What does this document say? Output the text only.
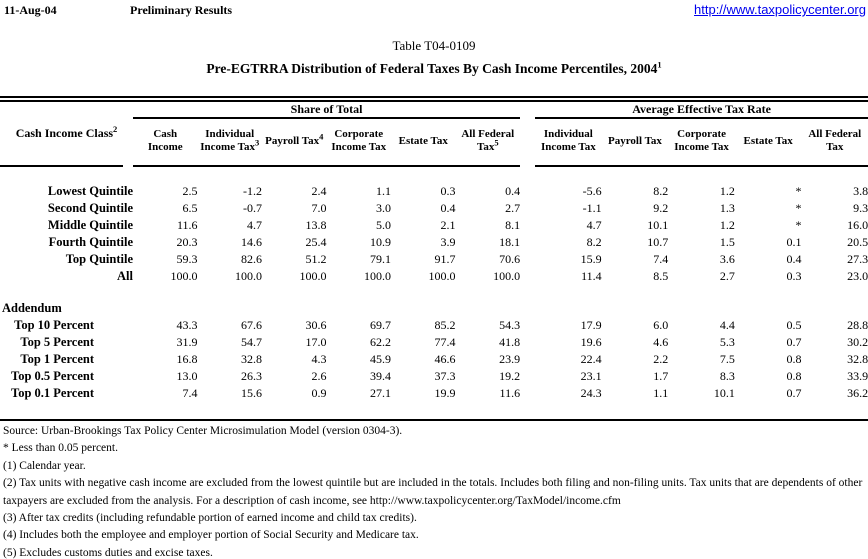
11-Aug-04	Preliminary Results	http://www.taxpolicycenter.org
Table T04-0109
Pre-EGTRRA Distribution of Federal Taxes By Cash Income Percentiles, 2004$^1$
Cash Income Class$^2$	Share of Total							Average Effective Tax Rate				
	Cash Income	Individual Income Tax$^3$	Payroll Tax$^4$	Corporate Income Tax	Estate Tax	All Federal Tax$^5$		Individual Income Tax	Payroll Tax	Corporate Income Tax	Estate Tax	All Federal Tax

Lowest Quintile	2.5	-1.2	2.4	1.1	0.3	0.4		-5.6	8.2	1.2	*	3.8
Second Quintile	6.5	-0.7	7.0	3.0	0.4	2.7		-1.1	9.2	1.3	*	9.3
Middle Quintile	11.6	4.7	13.8	5.0	2.1	8.1		4.7	10.1	1.2	*	16.0
Fourth Quintile	20.3	14.6	25.4	10.9	3.9	18.1		8.2	10.7	1.5	0.1	20.5
Top Quintile	59.3	82.6	51.2	79.1	91.7	70.6		15.9	7.4	3.6	0.4	27.3
All	100.0	100.0	100.0	100.0	100.0	100.0		11.4	8.5	2.7	0.3	23.0

Addendum												
Top 10 Percent	43.3	67.6	30.6	69.7	85.2	54.3		17.9	6.0	4.4	0.5	28.8
Top 5 Percent	31.9	54.7	17.0	62.2	77.4	41.8		19.6	4.6	5.3	0.7	30.2
Top 1 Percent	16.8	32.8	4.3	45.9	46.6	23.9		22.4	2.2	7.5	0.8	32.8
Top 0.5 Percent	13.0	26.3	2.6	39.4	37.3	19.2		23.1	1.7	8.3	0.8	33.9
Top 0.1 Percent	7.4	15.6	0.9	27.1	19.9	11.6		24.3	1.1	10.1	0.7	36.2
Source: Urban-Brookings Tax Policy Center Microsimulation Model (version 0304-3).
* Less than 0.05 percent.
(1) Calendar year.
(2) Tax units with negative cash income are excluded from the lowest quintile but are included in the totals. Includes both filing and non-filing units. Tax units that are dependents of other taxpayers are excluded from the analysis. For a description of cash income, see http://www.taxpolicycenter.org/TaxModel/income.cfm
(3) After tax credits (including refundable portion of earned income and child tax credits).
(4) Includes both the employee and employer portion of Social Security and Medicare tax.
(5) Excludes customs duties and excise taxes.
